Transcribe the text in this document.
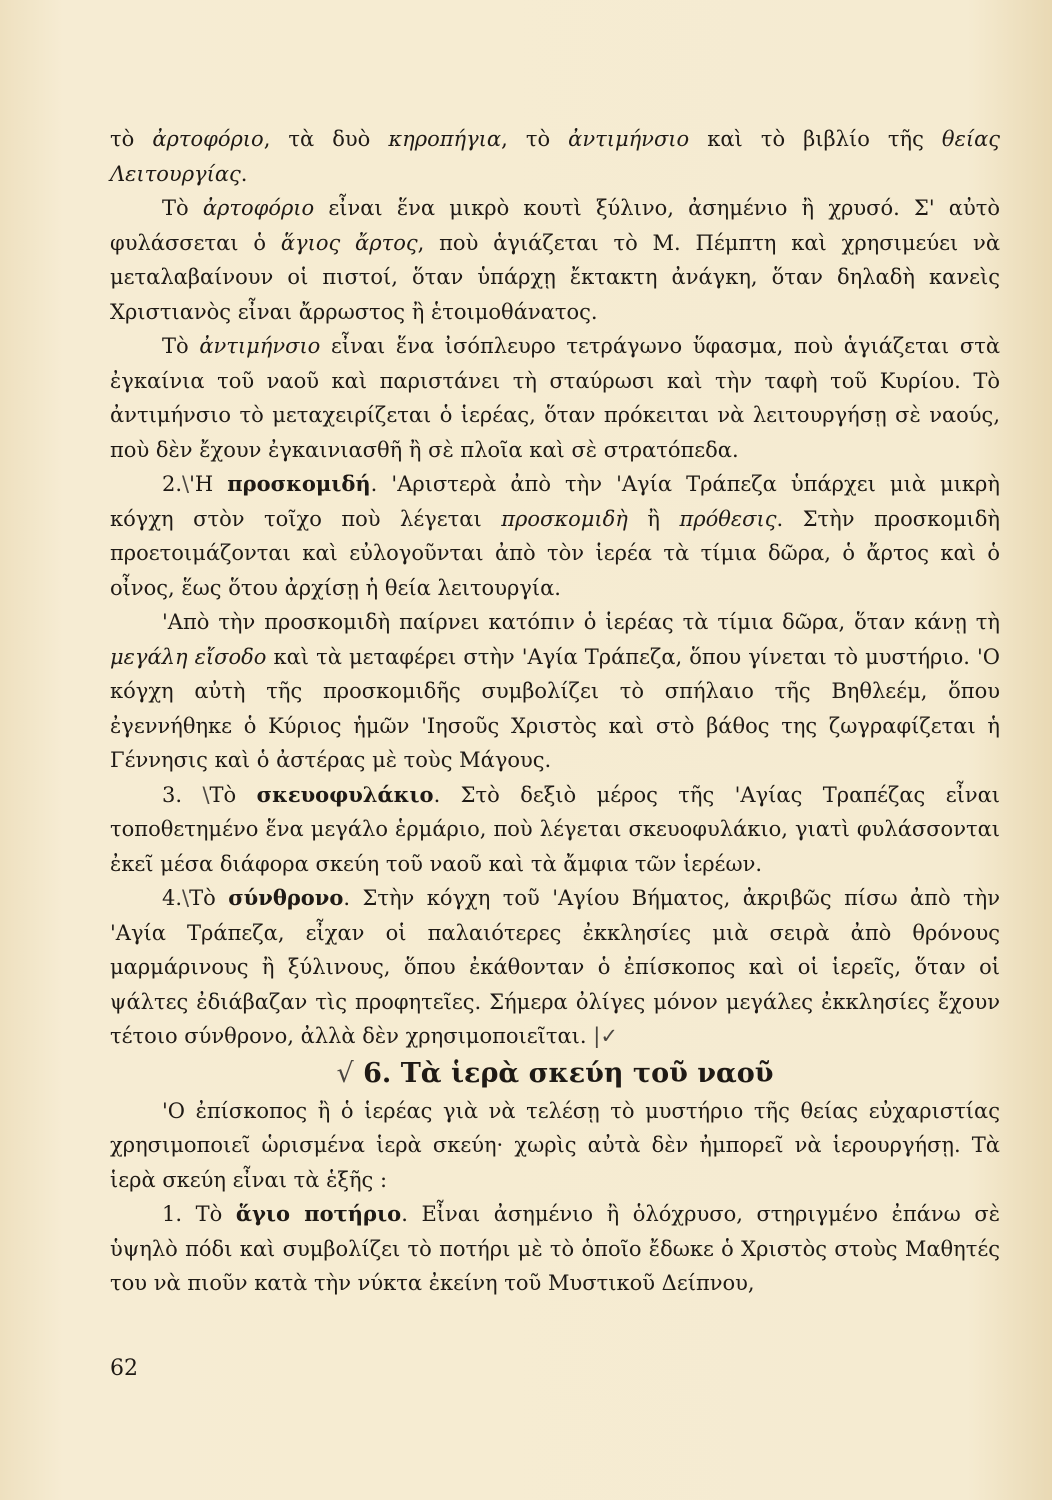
τὸ ἀρτοφόριο, τὰ δυὸ κηροπήγια, τὸ ἀντιμήνσιο καὶ τὸ βιβλίο τῆς θείας Λειτουργίας.

Τὸ ἀρτοφόριο εἶναι ἕνα μικρὸ κουτὶ ξύλινο, ἀσημένιο ἢ χρυσό. Σ' αὐτὸ φυλάσσεται ὁ ἅγιος ἄρτος, ποὺ ἁγιάζεται τὸ Μ. Πέμπτη καὶ χρησιμεύει νὰ μεταλαβαίνουν οἱ πιστοί, ὅταν ὑπάρχῃ ἔκτακτη ἀνάγκη, ὅταν δηλαδὴ κανεὶς Χριστιανὸς εἶναι ἄρρωστος ἢ ἑτοιμοθάνατος.

Τὸ ἀντιμήνσιο εἶναι ἕνα ἰσόπλευρο τετράγωνο ὕφασμα, ποὺ ἁγιάζεται στὰ ἐγκαίνια τοῦ ναοῦ καὶ παριστάνει τὴ σταύρωσι καὶ τὴν ταφὴ τοῦ Κυρίου. Τὸ ἀντιμήνσιο τὸ μεταχειρίζεται ὁ ἱερέας, ὅταν πρόκειται νὰ λειτουργήσῃ σὲ ναούς, ποὺ δὲν ἔχουν ἐγκαινιασθῆ ἢ σὲ πλοῖα καὶ σὲ στρατόπεδα.

2.\'Η προσκομιδή. 'Αριστερὰ ἀπὸ τὴν 'Αγία Τράπεζα ὑπάρχει μιὰ μικρὴ κόγχη στὸν τοῖχο ποὺ λέγεται προσκομιδὴ ἢ πρόθεσις. Στὴν προσκομιδὴ προετοιμάζονται καὶ εὐλογοῦνται ἀπὸ τὸν ἱερέα τὰ τίμια δῶρα, ὁ ἄρτος καὶ ὁ οἶνος, ἕως ὅτου ἀρχίσῃ ἡ θεία λειτουργία.

'Απὸ τὴν προσκομιδὴ παίρνει κατόπιν ὁ ἱερέας τὰ τίμια δῶρα, ὅταν κάνῃ τὴ μεγάλη εἴσοδο καὶ τὰ μεταφέρει στὴν 'Αγία Τράπεζα, ὅπου γίνεται τὸ μυστήριο. 'Ο κόγχη αὐτὴ τῆς προσκομιδῆς συμβολίζει τὸ σπήλαιο τῆς Βηθλεέμ, ὅπου ἐγεννήθηκε ὁ Κύριος ἡμῶν 'Ιησοῦς Χριστὸς καὶ στὸ βάθος της ζωγραφίζεται ἡ Γέννησις καὶ ὁ ἀστέρας μὲ τοὺς Μάγους.

3. \Τὸ σκευοφυλάκιο. Στὸ δεξιὸ μέρος τῆς 'Αγίας Τραπέζας εἶναι τοποθετημένο ἕνα μεγάλο ἑρμάριο, ποὺ λέγεται σκευοφυλάκιο, γιατὶ φυλάσσονται ἐκεῖ μέσα διάφορα σκεύη τοῦ ναοῦ καὶ τὰ ἄμφια τῶν ἱερέων.

4.\Τὸ σύνθρονο. Στὴν κόγχη τοῦ 'Αγίου Βήματος, ἀκριβῶς πίσω ἀπὸ τὴν 'Αγία Τράπεζα, εἶχαν οἱ παλαιότερες ἐκκλησίες μιὰ σειρὰ ἀπὸ θρόνους μαρμάρινους ἢ ξύλινους, ὅπου ἐκάθονταν ὁ ἐπίσκοπος καὶ οἱ ἱερεῖς, ὅταν οἱ ψάλτες ἐδιάβαζαν τὶς προφητεῖες. Σήμερα ὀλίγες μόνον μεγάλες ἐκκλησίες ἔχουν τέτοιο σύνθρονο, ἀλλὰ δὲν χρησιμοποιεῖται. |✓

√ 6. Τὰ ἱερὰ σκεύη τοῦ ναοῦ

'Ο ἐπίσκοπος ἢ ὁ ἱερέας γιὰ νὰ τελέσῃ τὸ μυστήριο τῆς θείας εὐχαριστίας χρησιμοποιεῖ ὡρισμένα ἱερὰ σκεύη· χωρὶς αὐτὰ δὲν ἠμπορεῖ νὰ ἱερουργήσῃ. Τὰ ἱερὰ σκεύη εἶναι τὰ ἑξῆς :

1. Τὸ ἅγιο ποτήριο. Εἶναι ἀσημένιο ἢ ὁλόχρυσο, στηριγμένο ἐπάνω σὲ ὑψηλὸ πόδι καὶ συμβολίζει τὸ ποτήρι μὲ τὸ ὁποῖο ἔδωκε ὁ Χριστὸς στοὺς Μαθητές του νὰ πιοῦν κατὰ τὴν νύκτα ἐκείνη τοῦ Μυστικοῦ Δείπνου,

62
